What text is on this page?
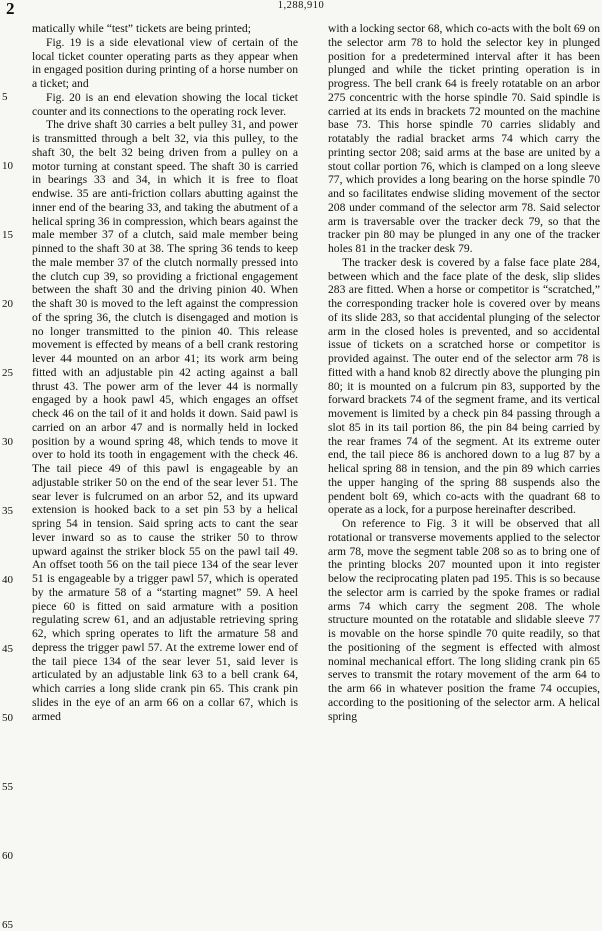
2	1,288,910
5
10
15
20
25
30
35
40
45
50
55
60
65

matically while “test” tickets are being printed;

Fig. 19 is a side elevational view of certain of the local ticket counter operating parts as they appear when in engaged position during printing of a horse number on a ticket; and

Fig. 20 is an end elevation showing the local ticket counter and its connections to the operating rock lever.

The drive shaft 30 carries a belt pulley 31, and power is transmitted through a belt 32, via this pulley, to the shaft 30, the belt 32 being driven from a pulley on a motor turning at constant speed. The shaft 30 is carried in bearings 33 and 34, in which it is free to float endwise. 35 are anti-friction collars abutting against the inner end of the bearing 33, and taking the abutment of a helical spring 36 in compression, which bears against the male member 37 of a clutch, said male member being pinned to the shaft 30 at 38. The spring 36 tends to keep the male member 37 of the clutch normally pressed into the clutch cup 39, so providing a frictional engagement between the shaft 30 and the driving pinion 40. When the shaft 30 is moved to the left against the compression of the spring 36, the clutch is disengaged and motion is no longer transmitted to the pinion 40. This release movement is effected by means of a bell crank restoring lever 44 mounted on an arbor 41; its work arm being fitted with an adjustable pin 42 acting against a ball thrust 43. The power arm of the lever 44 is normally engaged by a hook pawl 45, which engages an offset check 46 on the tail of it and holds it down. Said pawl is carried on an arbor 47 and is normally held in locked position by a wound spring 48, which tends to move it over to hold its tooth in engagement with the check 46. The tail piece 49 of this pawl is engageable by an adjustable striker 50 on the end of the sear lever 51. The sear lever is fulcrumed on an arbor 52, and its upward extension is hooked back to a set pin 53 by a helical spring 54 in tension. Said spring acts to cant the sear lever inward so as to cause the striker 50 to throw upward against the striker block 55 on the pawl tail 49. An offset tooth 56 on the tail piece 134 of the sear lever 51 is engageable by a trigger pawl 57, which is operated by the armature 58 of a “starting magnet” 59. A heel piece 60 is fitted on said armature with a position regulating screw 61, and an adjustable retrieving spring 62, which spring operates to lift the armature 58 and depress the trigger pawl 57. At the extreme lower end of the tail piece 134 of the sear lever 51, said lever is articulated by an adjustable link 63 to a bell crank 64, which carries a long slide crank pin 65. This crank pin slides in the eye of an arm 66 on a collar 67, which is armed

with a locking sector 68, which co-acts with the bolt 69 on the selector arm 78 to hold the selector key in plunged position for a predetermined interval after it has been plunged and while the ticket printing operation is in progress. The bell crank 64 is freely rotatable on an arbor 275 concentric with the horse spindle 70. Said spindle is carried at its ends in brackets 72 mounted on the machine base 73. This horse spindle 70 carries slidably and rotatably the radial bracket arms 74 which carry the printing sector 208; said arms at the base are united by a stout collar portion 76, which is clamped on a long sleeve 77, which provides a long bearing on the horse spindle 70 and so facilitates endwise sliding movement of the sector 208 under command of the selector arm 78. Said selector arm is traversable over the tracker deck 79, so that the tracker pin 80 may be plunged in any one of the tracker holes 81 in the tracker desk 79.

The tracker desk is covered by a false face plate 284, between which and the face plate of the desk, slip slides 283 are fitted. When a horse or competitor is “scratched,” the corresponding tracker hole is covered over by means of its slide 283, so that accidental plunging of the selector arm in the closed holes is prevented, and so accidental issue of tickets on a scratched horse or competitor is provided against. The outer end of the selector arm 78 is fitted with a hand knob 82 directly above the plunging pin 80; it is mounted on a fulcrum pin 83, supported by the forward brackets 74 of the segment frame, and its vertical movement is limited by a check pin 84 passing through a slot 85 in its tail portion 86, the pin 84 being carried by the rear frames 74 of the segment. At its extreme outer end, the tail piece 86 is anchored down to a lug 87 by a helical spring 88 in tension, and the pin 89 which carries the upper hanging of the spring 88 suspends also the pendent bolt 69, which co-acts with the quadrant 68 to operate as a lock, for a purpose hereinafter described.

On reference to Fig. 3 it will be observed that all rotational or transverse movements applied to the selector arm 78, move the segment table 208 so as to bring one of the printing blocks 207 mounted upon it into register below the reciprocating platen pad 195. This is so because the selector arm is carried by the spoke frames or radial arms 74 which carry the segment 208. The whole structure mounted on the rotatable and slidable sleeve 77 is movable on the horse spindle 70 quite readily, so that the positioning of the segment is effected with almost nominal mechanical effort. The long sliding crank pin 65 serves to transmit the rotary movement of the arm 64 to the arm 66 in whatever position the frame 74 occupies, according to the positioning of the selector arm. A helical spring
